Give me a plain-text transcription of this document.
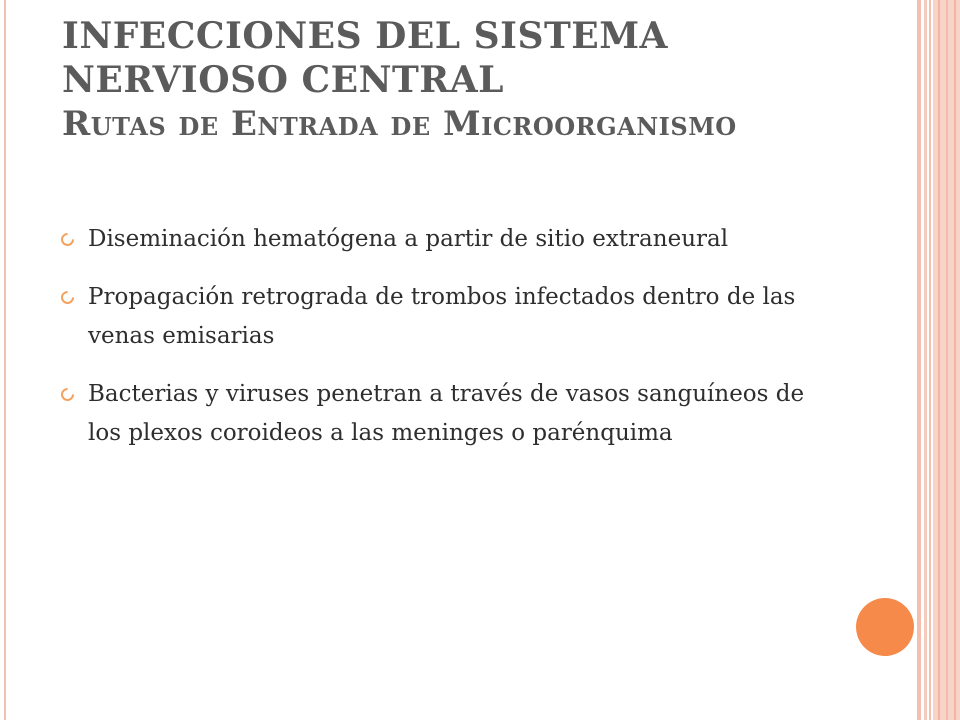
INFECCIONES DEL SISTEMA
NERVIOSO CENTRAL
Rutas de Entrada de Microorganismo
Diseminación hematógena a partir de sitio extraneural
Propagación retrograda de trombos infectados dentro de las venas emisarias
Bacterias y viruses penetran a través de vasos sanguíneos de los plexos coroideos a las meninges o parénquima
